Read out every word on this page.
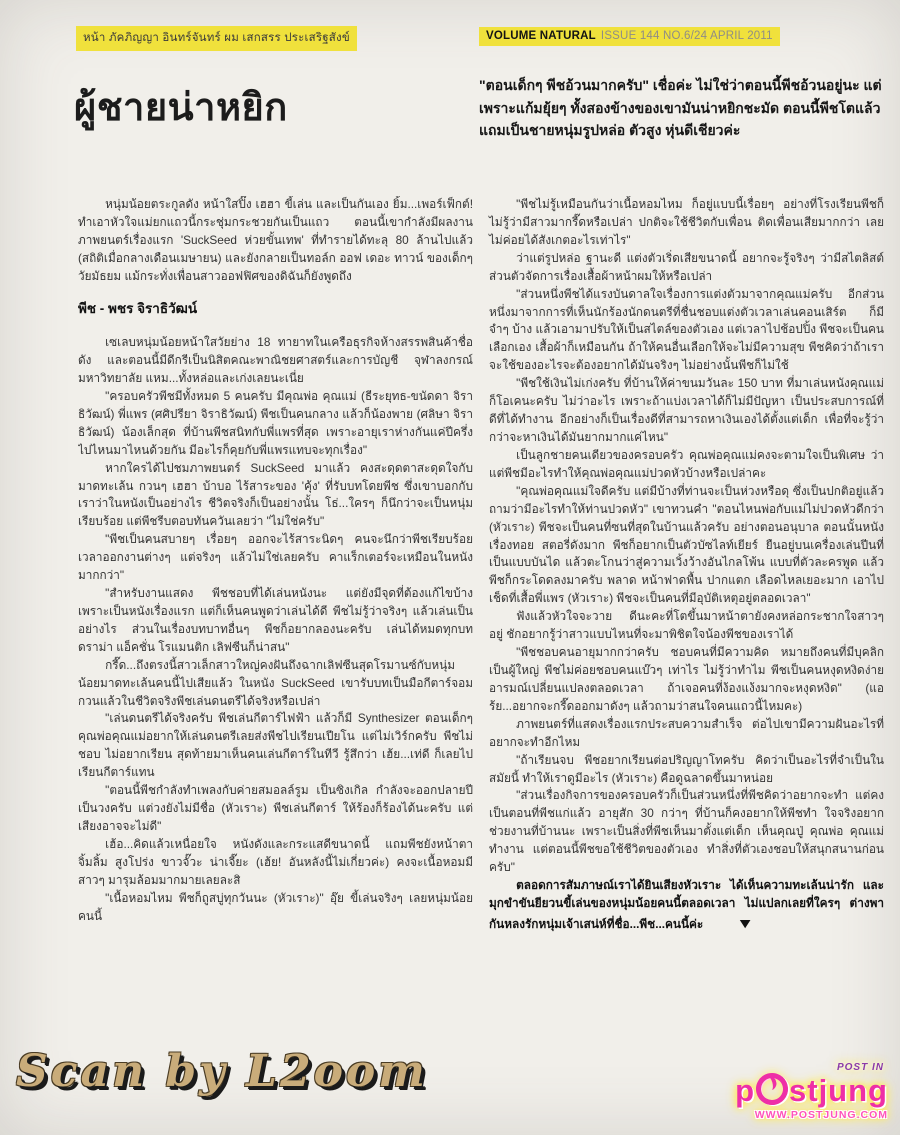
หน้า ภัคภิญญา อินทร์จันทร์ ผม เสกสรร ประเสริฐสังข์	VOLUME NATURAL ISSUE 144 NO.6/24 APRIL 2011
ผู้ชายน่าหยิก
"ตอนเด็กๆ พีชอ้วนมากครับ" เชื่อค่ะ ไม่ใช่ว่าตอนนี้พีชอ้วนอยู่นะ แต่เพราะแก้มยุ้ยๆ ทั้งสองข้างของเขามันน่าหยิกชะมัด ตอนนี้พีชโตแล้ว แถมเป็นชายหนุ่มรูปหล่อ ตัวสูง หุ่นดีเชียวค่ะ

หนุ่มน้อยตระกูลดัง หน้าใสปิ๊ง เฮฮา ขี้เล่น และเป็นกันเอง ยิ้ม...เพอร์เฟ็กต์! ทำเอาหัวใจแม่ยกแถวนี้กระชุ่มกระชวยกันเป็นแถว ตอนนี้เขากำลังมีผลงานภาพยนตร์เรื่องแรก 'SuckSeed ห่วยขั้นเทพ' ที่ทำรายได้ทะลุ 80 ล้านไปแล้ว (สถิติเมื่อกลางเดือนเมษายน) และยังกลายเป็นทอล์ก ออฟ เดอะ ทาวน์ ของเด็กๆ วัยมัธยม แม้กระทั่งเพื่อนสาวออฟฟิศของดิฉันก็ยังพูดถึง

พีช - พชร จิราธิวัฒน์

เซเลบหนุ่มน้อยหน้าใสวัยย่าง 18 ทายาทในเครือธุรกิจห้างสรรพสินค้าชื่อดัง และตอนนี้มีดีกรีเป็นนิสิตคณะพาณิชยศาสตร์และการบัญชี จุฬาลงกรณ์มหาวิทยาลัย แหม...ทั้งหล่อและเก่งเลยนะเนี่ย

"ครอบครัวพีชมีทั้งหมด 5 คนครับ มีคุณพ่อ คุณแม่ (ธีระยุทธ-ขนัดดา จิราธิวัฒน์) พี่แพร (ศศิปรียา จิราธิวัฒน์) พีชเป็นคนกลาง แล้วก็น้องพาย (ศลิษา จิราธิวัฒน์) น้องเล็กสุด ที่บ้านพีชสนิทกับพี่แพรที่สุด เพราะอายุเราห่างกันแค่ปีครึ่ง ไปไหนมาไหนด้วยกัน มีอะไรก็คุยกับพี่แพรแทบจะทุกเรื่อง"

หากใครได้ไปชมภาพยนตร์ SuckSeed มาแล้ว คงสะดุดตาสะดุดใจกับมาดทะเล้น กวนๆ เฮฮา บ้าบอ ไร้สาระของ 'คุ้ง' ที่รับบทโดยพีช ซึ่งเขาบอกกับเราว่าในหนังเป็นอย่างไร ชีวิตจริงก็เป็นอย่างนั้น โธ่...ใครๆ ก็นึกว่าจะเป็นหนุ่มเรียบร้อย แต่พีชรีบตอบทันควันเลยว่า "ไม่ใช่ครับ"

"พีชเป็นคนสบายๆ เรื่อยๆ ออกจะไร้สาระนิดๆ คนจะนึกว่าพีชเรียบร้อยเวลาออกงานต่างๆ แต่จริงๆ แล้วไม่ใช่เลยครับ คาแร็กเตอร์จะเหมือนในหนังมากกว่า"

"สำหรับงานแสดง พีชชอบที่ได้เล่นหนังนะ แต่ยังมีจุดที่ต้องแก้ไขบ้าง เพราะเป็นหนังเรื่องแรก แต่ก็เห็นคนพูดว่าเล่นได้ดี พีชไม่รู้ว่าจริงๆ แล้วเล่นเป็นอย่างไร ส่วนในเรื่องบทบาทอื่นๆ พีชก็อยากลองนะครับ เล่นได้หมดทุกบท ดราม่า แอ็คชั่น โรแมนติก เลิฟซีนก็น่าสน"

กรี๊ด...ถึงตรงนี้สาวเล็กสาวใหญ่คงฝันถึงฉากเลิฟซีนสุดโรมานซ์กับหนุ่มน้อยมาดทะเล้นคนนี้ไปเสียแล้ว ในหนัง SuckSeed เขารับบทเป็นมือกีตาร์จอมกวนแล้วในชีวิตจริงพีชเล่นดนตรีได้จริงหรือเปล่า

"เล่นดนตรีได้จริงครับ พีชเล่นกีตาร์ไฟฟ้า แล้วก็มี Synthesizer ตอนเด็กๆ คุณพ่อคุณแม่อยากให้เล่นดนตรีเลยส่งพีชไปเรียนเปียโน แต่ไม่เวิร์กครับ พีชไม่ชอบ ไม่อยากเรียน สุดท้ายมาเห็นคนเล่นกีตาร์ในทีวี รู้สึกว่า เฮ้ย...เท่ดี ก็เลยไปเรียนกีตาร์แทน

"ตอนนี้พีชกำลังทำเพลงกับค่ายสมอลล์รูม เป็นซิงเกิล กำลังจะออกปลายปี เป็นวงครับ แต่วงยังไม่มีชื่อ (หัวเราะ) พีชเล่นกีตาร์ ให้ร้องก็ร้องได้นะครับ แต่เสียงอาจจะไม่ดี"

เฮ้อ...คิดแล้วเหนื่อยใจ หนังดังและกระแสดีขนาดนี้ แถมพีชยังหน้าตาจิ้มลิ้ม สูงโปร่ง ขาวจั๊วะ น่าเจี๊ยะ (เฮ้ย! อันหลังนี้ไม่เกี่ยวค่ะ) คงจะเนื้อหอมมีสาวๆ มารุมล้อมมากมายเลยละสิ

"เนื้อหอมไหม พีชก็ถูสบู่ทุกวันนะ (หัวเราะ)" อุ๊ย ขี้เล่นจริงๆ เลยหนุ่มน้อยคนนี้

"พีชไม่รู้เหมือนกันว่าเนื้อหอมไหม ก็อยู่แบบนี้เรื่อยๆ อย่างที่โรงเรียนพีชก็ไม่รู้ว่ามีสาวมากรี๊ดหรือเปล่า ปกติจะใช้ชีวิตกับเพื่อน ติดเพื่อนเสียมากกว่า เลยไม่ค่อยได้สังเกตอะไรเท่าไร"

ว่าแต่รูปหล่อ ฐานะดี แต่งตัวเริ่ดเสียขนาดนี้ อยากจะรู้จริงๆ ว่ามีสไตลิสต์ส่วนตัวจัดการเรื่องเสื้อผ้าหน้าผมให้หรือเปล่า

"ส่วนหนึ่งพีชได้แรงบันดาลใจเรื่องการแต่งตัวมาจากคุณแม่ครับ อีกส่วนหนึ่งมาจากการที่เห็นนักร้องนักดนตรีที่ชื่นชอบแต่งตัวเวลาเล่นคอนเสิร์ต ก็มีจำๆ บ้าง แล้วเอามาปรับให้เป็นสไตล์ของตัวเอง แต่เวลาไปช้อปปิ้ง พีชจะเป็นคนเลือกเอง เสื้อผ้าก็เหมือนกัน ถ้าให้คนอื่นเลือกให้จะไม่มีความสุข พีชคิดว่าถ้าเราจะใช้ของอะไรจะต้องอยากได้มันจริงๆ ไม่อย่างนั้นพีชก็ไม่ใช้

"พีชใช้เงินไม่เก่งครับ ที่บ้านให้ค่าขนมวันละ 150 บาท ที่มาเล่นหนังคุณแม่ก็โอเคนะครับ ไม่ว่าอะไร เพราะถ้าแบ่งเวลาได้ก็ไม่มีปัญหา เป็นประสบการณ์ที่ดีที่ได้ทำงาน อีกอย่างก็เป็นเรื่องดีที่สามารถหาเงินเองได้ตั้งแต่เด็ก เพื่อที่จะรู้ว่ากว่าจะหาเงินได้มันยากมากแค่ไหน"

เป็นลูกชายคนเดียวของครอบครัว คุณพ่อคุณแม่คงจะตามใจเป็นพิเศษ ว่าแต่พีชมีอะไรทำให้คุณพ่อคุณแม่ปวดหัวบ้างหรือเปล่าคะ

"คุณพ่อคุณแม่ใจดีครับ แต่มีบ้างที่ท่านจะเป็นห่วงหรือดุ ซึ่งเป็นปกติอยู่แล้ว ถามว่ามีอะไรทำให้ท่านปวดหัว" เขาทวนคำ "ตอนไหนพ่อกับแม่ไม่ปวดหัวดีกว่า (หัวเราะ) พีชจะเป็นคนที่ซนที่สุดในบ้านแล้วครับ อย่างตอนอนุบาล ตอนนั้นหนังเรื่องทอย สตอรี่ดังมาก พีชก็อยากเป็นตัวบัซไลท์เยียร์ ยืนอยู่บนเครื่องเล่นปีนที่เป็นแบบบันได แล้วตะโกนว่าสู่ความเวิ้งว้างอันไกลโพ้น แบบที่ตัวละครพูด แล้วพีชก็กระโดดลงมาครับ พลาด หน้าฟาดพื้น ปากแตก เลือดไหลเยอะมาก เอาไปเช็ดที่เสื้อพี่แพร (หัวเราะ) พีชจะเป็นคนที่มีอุบัติเหตุอยู่ตลอดเวลา"

ฟังแล้วหัวใจจะวาย ดีนะคะที่โตขึ้นมาหน้าตายังคงหล่อกระชากใจสาวๆ อยู่ ชักอยากรู้ว่าสาวแบบไหนที่จะมาพิชิตใจน้องพีชของเราได้

"พีชชอบคนอายุมากกว่าครับ ชอบคนที่มีความคิด หมายถึงคนที่มีบุคลิกเป็นผู้ใหญ่ พีชไม่ค่อยชอบคนแบ๊วๆ เท่าไร ไม่รู้ว่าทำไม พีชเป็นคนหงุดหงิดง่าย อารมณ์เปลี่ยนแปลงตลอดเวลา ถ้าเจอคนที่ง้องแง้งมากจะหงุดหงิด" (แอร้ย...อยากจะกรี๊ดออกมาดังๆ แล้วถามว่าสนใจคนแถวนี้ไหมคะ)

ภาพยนตร์ที่แสดงเรื่องแรกประสบความสำเร็จ ต่อไปเขามีความฝันอะไรที่อยากจะทำอีกไหม

"ถ้าเรียนจบ พีชอยากเรียนต่อปริญญาโทครับ คิดว่าเป็นอะไรที่จำเป็นในสมัยนี้ ทำให้เราดูมีอะไร (หัวเราะ) คือดูฉลาดขึ้นมาหน่อย

"ส่วนเรื่องกิจการของครอบครัวก็เป็นส่วนหนึ่งที่พีชคิดว่าอยากจะทำ แต่คงเป็นตอนที่พีชแก่แล้ว อายุสัก 30 กว่าๆ ที่บ้านก็คงอยากให้พีชทำ ใจจริงอยากช่วยงานที่บ้านนะ เพราะเป็นสิ่งที่พีชเห็นมาตั้งแต่เด็ก เห็นคุณปู่ คุณพ่อ คุณแม่ ทำงาน แต่ตอนนี้พีชขอใช้ชีวิตของตัวเอง ทำสิ่งที่ตัวเองชอบให้สนุกสนานก่อนครับ"

ตลอดการสัมภาษณ์เราได้ยินเสียงหัวเราะ ได้เห็นความทะเล้นน่ารัก และมุกขำขันยียวนขี้เล่นของหนุ่มน้อยคนนี้ตลอดเวลา ไม่แปลกเลยที่ใครๆ ต่างพากันหลงรักหนุ่มเจ้าเสน่ห์ที่ชื่อ...พีช...คนนี้ค่ะ ▼

Scan by L2oom	POST IN
p stjung
WWW.POSTJUNG.COM
